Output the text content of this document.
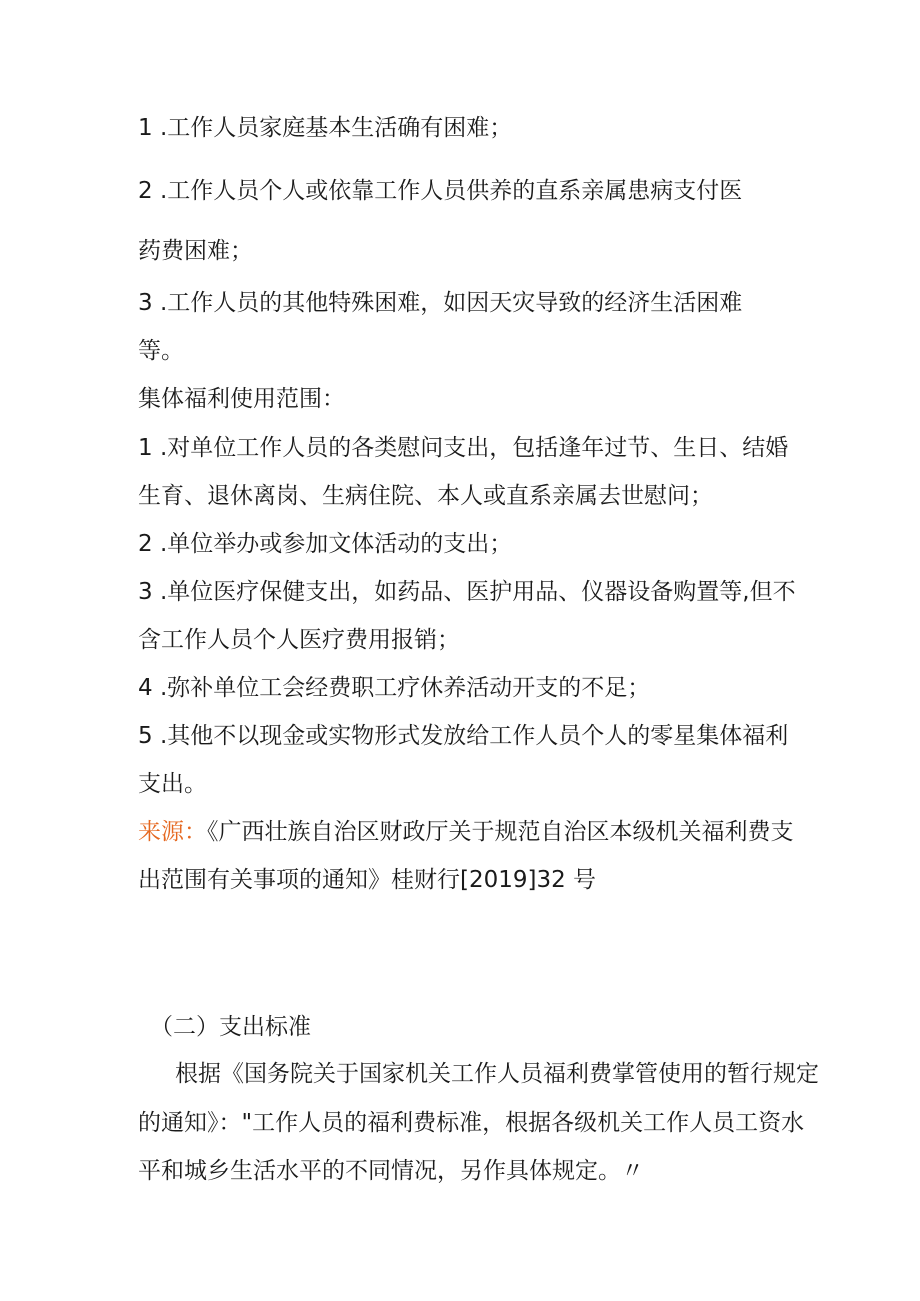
1 .工作人员家庭基本生活确有困难；
2 .工作人员个人或依靠工作人员供养的直系亲属患病支付医
药费困难；
3 .工作人员的其他特殊困难，如因天灾导致的经济生活困难
等。
集体福利使用范围：
1 .对单位工作人员的各类慰问支出，包括逢年过节、生日、结婚
生育、退休离岗、生病住院、本人或直系亲属去世慰问；
2 .单位举办或参加文体活动的支出；
3 .单位医疗保健支出，如药品、医护用品、仪器设备购置等,但不
含工作人员个人医疗费用报销；
4 .弥补单位工会经费职工疗休养活动开支的不足；
5 .其他不以现金或实物形式发放给工作人员个人的零星集体福利
支出。
来源：《广西壮族自治区财政厅关于规范自治区本级机关福利费支
出范围有关事项的通知》桂财行[2019]32 号
（二）支出标准
根据《国务院关于国家机关工作人员福利费掌管使用的暂行规定
的通知》："工作人员的福利费标准，根据各级机关工作人员工资水
平和城乡生活水平的不同情况，另作具体规定。〃
